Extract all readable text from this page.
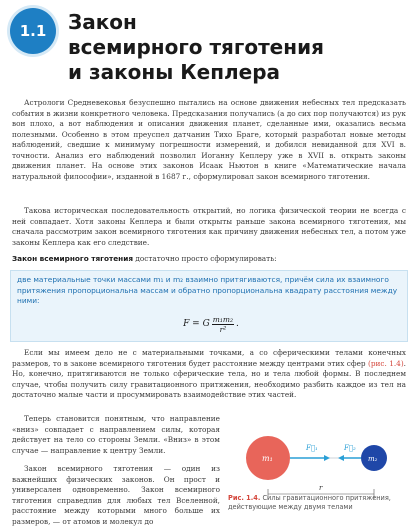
1.1	Закон
всемирного тяготения
и законы Кеплера

Астрологи Средневековья безуспешно пытались на основе движения небесных тел предсказать события в жизни конкретного человека. Предсказания получались (а до сих пор получаются) из рук вон плохо, а вот наблюдения и описания движения планет, сделанные ими, оказались весьма полезными. Особенно в этом преуспел датчанин Тихо Браге, который разработал новые методы наблюдений, сведшие к минимуму погрешности измерений, и добился невиданной для XVI в. точности. Анализ его наблюдений позволил Иоганну Кеплеру уже в XVII в. открыть законы движения планет. На основе этих законов Исаак Ньютон в книге «Математические начала натуральной философии», изданной в 1687 г., сформулировал закон всемирного тяготения.

Такова историческая последовательность открытий, но логика физической теории не всегда с ней совпадает. Хотя законы Кеплера и были открыты раньше закона всемирного тяготения, мы сначала рассмотрим закон всемирного тяготения как причину движения небесных тел, а потом уже законы Кеплера как его следствие.

Закон всемирного тяготения достаточно просто сформулировать:
две материальные точки массами m₁ и m₂ взаимно притягиваются, причём сила их взаимного притяжения пропорциональна массам и обратно пропорциональна квадрату расстояния между ними:
F = G $\frac{\text{m₁m₂}}{\text{r²}}$ .

Если мы имеем дело не с материальными точками, а со сферическими телами конечных размеров, то в законе всемирного тяготения будет расстояние между центрами этих сфер (рис. 1.4). Но, конечно, притягиваются не только сферические тела, но и тела любой формы. В последнем случае, чтобы получить силу гравитационного притяжения, необходимо разбить каждое из тел на достаточно малые части и просуммировать взаимодействие этих частей.

Теперь становится понятным, что направление «вниз» совпадает с направлением силы, которая действует на тело со стороны Земли. «Вниз» в этом случае — направление к центру Земли.

Закон всемирного тяготения — один из важнейших физических законов. Он прост и универсален одновременно. Закон всемирного тяготения справедлив для любых тел Вселенной, расстояние между которыми много больше их размеров, — от атомов и молекул до

m₁	m₂
F⃗₁	F⃗₂
r
Рис. 1.4. Силы гравитационного притяжения, действующие между двумя телами
